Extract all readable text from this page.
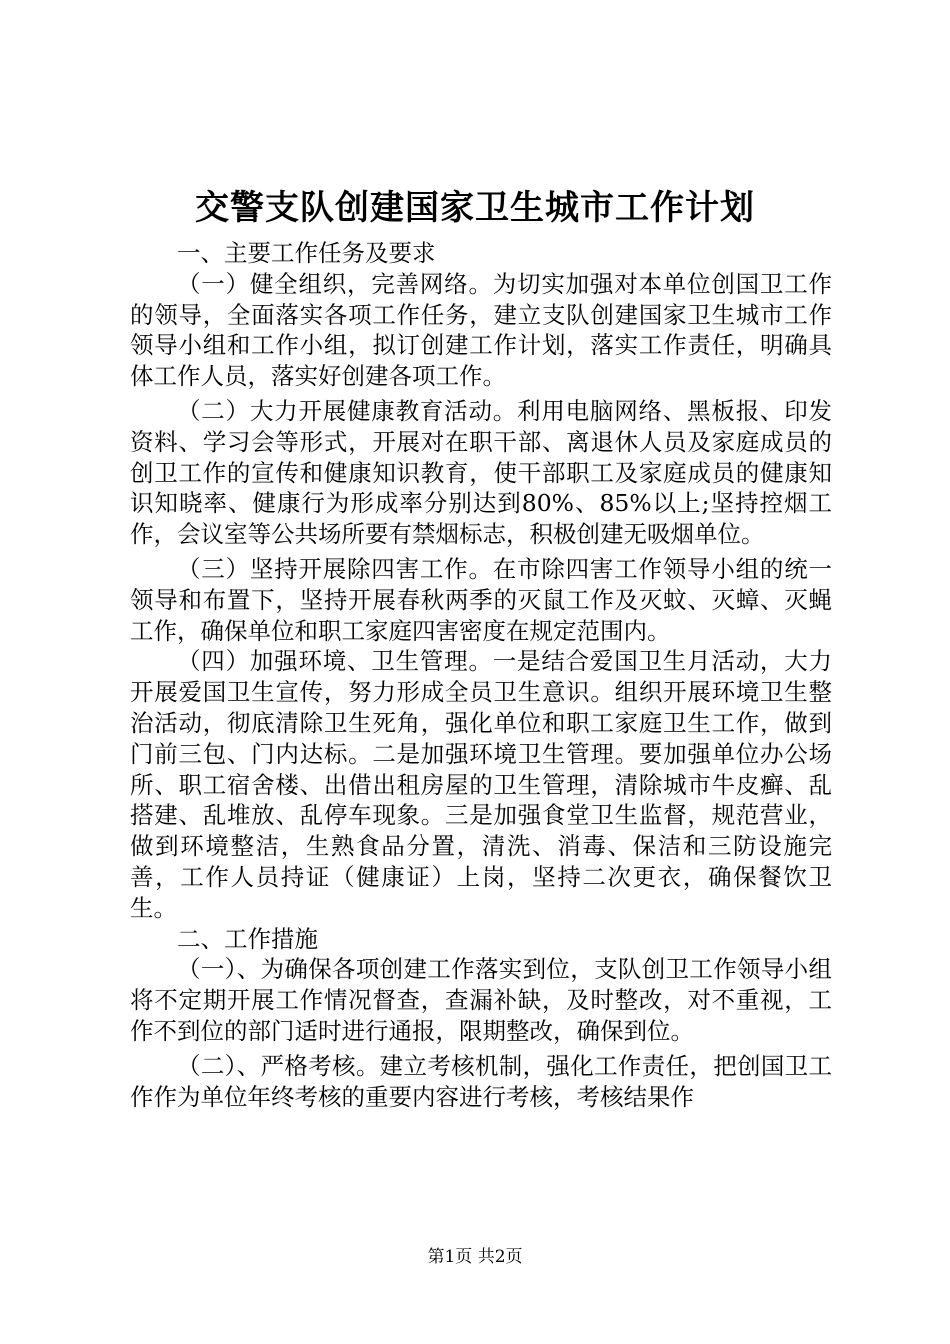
交警支队创建国家卫生城市工作计划

一、主要工作任务及要求

（一）健全组织，完善网络。为切实加强对本单位创国卫工作的领导，全面落实各项工作任务，建立支队创建国家卫生城市工作领导小组和工作小组，拟订创建工作计划，落实工作责任，明确具体工作人员，落实好创建各项工作。

（二）大力开展健康教育活动。利用电脑网络、黑板报、印发资料、学习会等形式，开展对在职干部、离退休人员及家庭成员的创卫工作的宣传和健康知识教育，使干部职工及家庭成员的健康知识知晓率、健康行为形成率分别达到80%、85%以上;坚持控烟工作，会议室等公共场所要有禁烟标志，积极创建无吸烟单位。

（三）坚持开展除四害工作。在市除四害工作领导小组的统一领导和布置下，坚持开展春秋两季的灭鼠工作及灭蚊、灭蟑、灭蝇工作，确保单位和职工家庭四害密度在规定范围内。

（四）加强环境、卫生管理。一是结合爱国卫生月活动，大力开展爱国卫生宣传，努力形成全员卫生意识。组织开展环境卫生整治活动，彻底清除卫生死角，强化单位和职工家庭卫生工作，做到门前三包、门内达标。二是加强环境卫生管理。要加强单位办公场所、职工宿舍楼、出借出租房屋的卫生管理，清除城市牛皮癣、乱搭建、乱堆放、乱停车现象。三是加强食堂卫生监督，规范营业，做到环境整洁，生熟食品分置，清洗、消毒、保洁和三防设施完善，工作人员持证（健康证）上岗，坚持二次更衣，确保餐饮卫生。

二、工作措施

（一）、为确保各项创建工作落实到位，支队创卫工作领导小组将不定期开展工作情况督查，查漏补缺，及时整改，对不重视，工作不到位的部门适时进行通报，限期整改，确保到位。

（二）、严格考核。建立考核机制，强化工作责任，把创国卫工作作为单位年终考核的重要内容进行考核，考核结果作

第1页 共2页
